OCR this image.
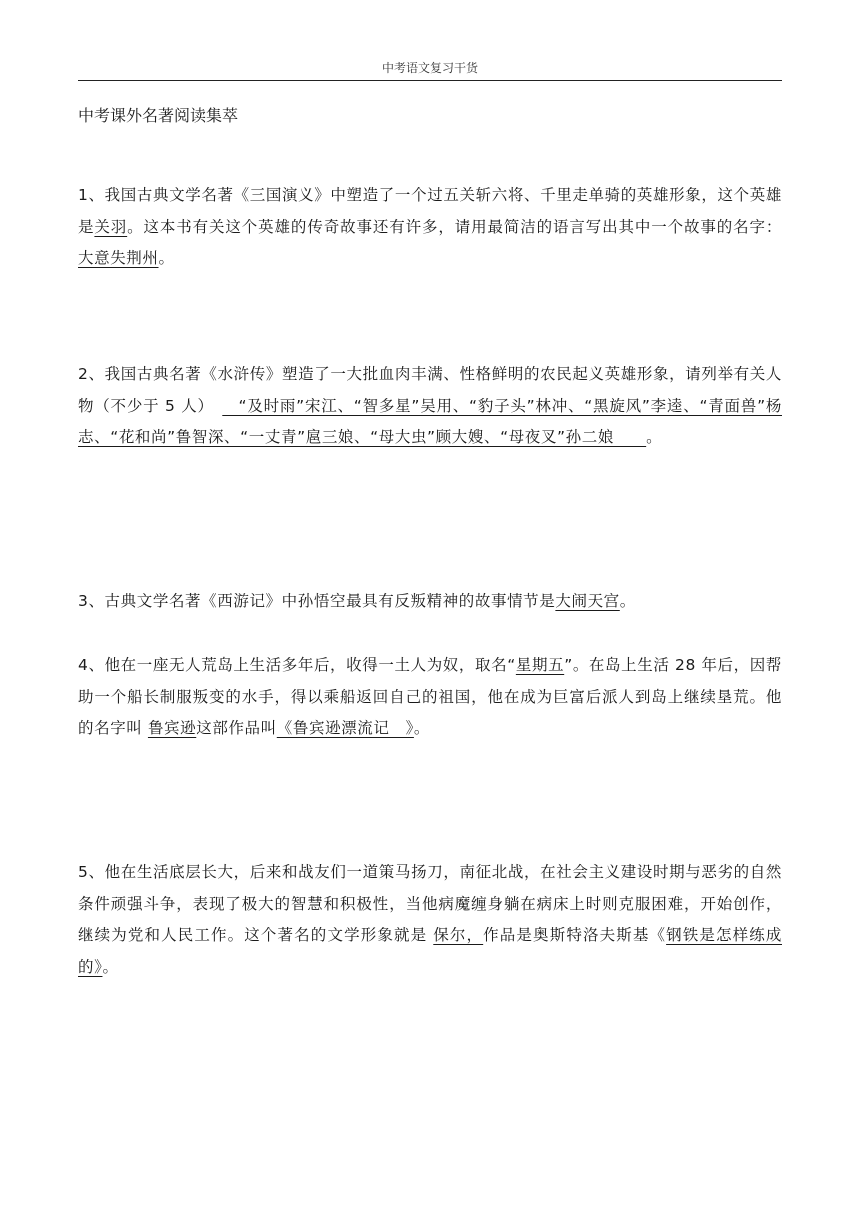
中考语文复习干货
中考课外名著阅读集萃

1、我国古典文学名著《三国演义》中塑造了一个过五关斩六将、千里走单骑的英雄形象，这个英雄是关羽。这本书有关这个英雄的传奇故事还有许多，请用最简洁的语言写出其中一个故事的名字：大意失荆州。

2、我国古典名著《水浒传》塑造了一大批血肉丰满、性格鲜明的农民起义英雄形象，请列举有关人物（不少于 5 人）　　“及时雨”宋江、“智多星”吴用、“豹子头”林冲、“黑旋风”李逵、“青面兽”杨志、“花和尚”鲁智深、“一丈青”扈三娘、“母大虫”顾大嫂、“母夜叉”孙二娘　　。

3、古典文学名著《西游记》中孙悟空最具有反叛精神的故事情节是大闹天宫。

4、他在一座无人荒岛上生活多年后，收得一土人为奴，取名“星期五”。在岛上生活 28 年后，因帮助一个船长制服叛变的水手，得以乘船返回自己的祖国，他在成为巨富后派人到岛上继续垦荒。他的名字叫 鲁宾逊这部作品叫《鲁宾逊漂流记　》。

5、他在生活底层长大，后来和战友们一道策马扬刀，南征北战，在社会主义建设时期与恶劣的自然条件顽强斗争，表现了极大的智慧和积极性，当他病魔缠身躺在病床上时则克服困难，开始创作，继续为党和人民工作。这个著名的文学形象就是 保尔，作品是奥斯特洛夫斯基《钢铁是怎样练成的》。
